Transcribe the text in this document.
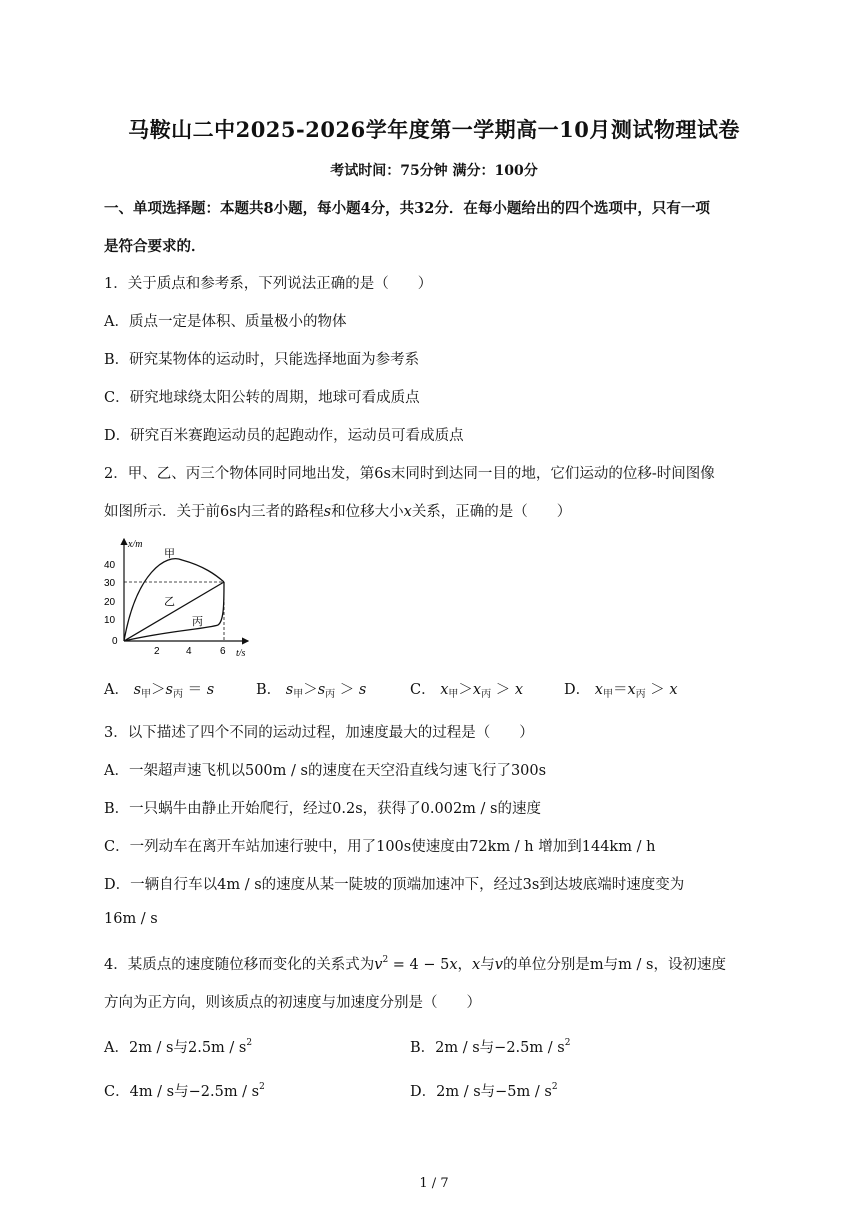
马鞍山二中2025-2026学年度第一学期高一10月测试物理试卷
考试时间：75分钟 满分：100分
一、单项选择题：本题共8小题，每小题4分，共32分．在每小题给出的四个选项中，只有一项
是符合要求的．
1．关于质点和参考系，下列说法正确的是（　　）
A．质点一定是体积、质量极小的物体
B．研究某物体的运动时，只能选择地面为参考系
C．研究地球绕太阳公转的周期，地球可看成质点
D．研究百米赛跑运动员的起跑动作，运动员可看成质点
2．甲、乙、丙三个物体同时同地出发，第6s末同时到达同一目的地，它们运动的位移-时间图像
如图所示．关于前6s内三者的路程s和位移大小x关系，正确的是（　　）
x/m
t/s
40
30
20
10
0
2	4	6
甲
乙
丙
A． $s_甲>s_丙 = s$	B． $s_甲>s_丙 > s$	C． $x_甲>x_丙 > x$	D． $x_甲=x_丙 > x$
3．以下描述了四个不同的运动过程，加速度最大的过程是（　　）
A．一架超声速飞机以500m / s的速度在天空沿直线匀速飞行了300s
B．一只蜗牛由静止开始爬行，经过0.2s，获得了0.002m / s的速度
C．一列动车在离开车站加速行驶中，用了100s使速度由72km / h 增加到144km / h
D．一辆自行车以4m / s的速度从某一陡坡的顶端加速冲下，经过3s到达坡底端时速度变为
16m / s
4．某质点的速度随位移而变化的关系式为$v^2 = 4 - 5x$，x与v的单位分别是m与m / s，设初速度
方向为正方向，则该质点的初速度与加速度分别是（　　）
A．2m / s与$2.5m / s^2$	B．2m / s与$-2.5m / s^2$
C．4m / s与$-2.5m / s^2$	D．2m / s与$-5m / s^2$
1 / 7
